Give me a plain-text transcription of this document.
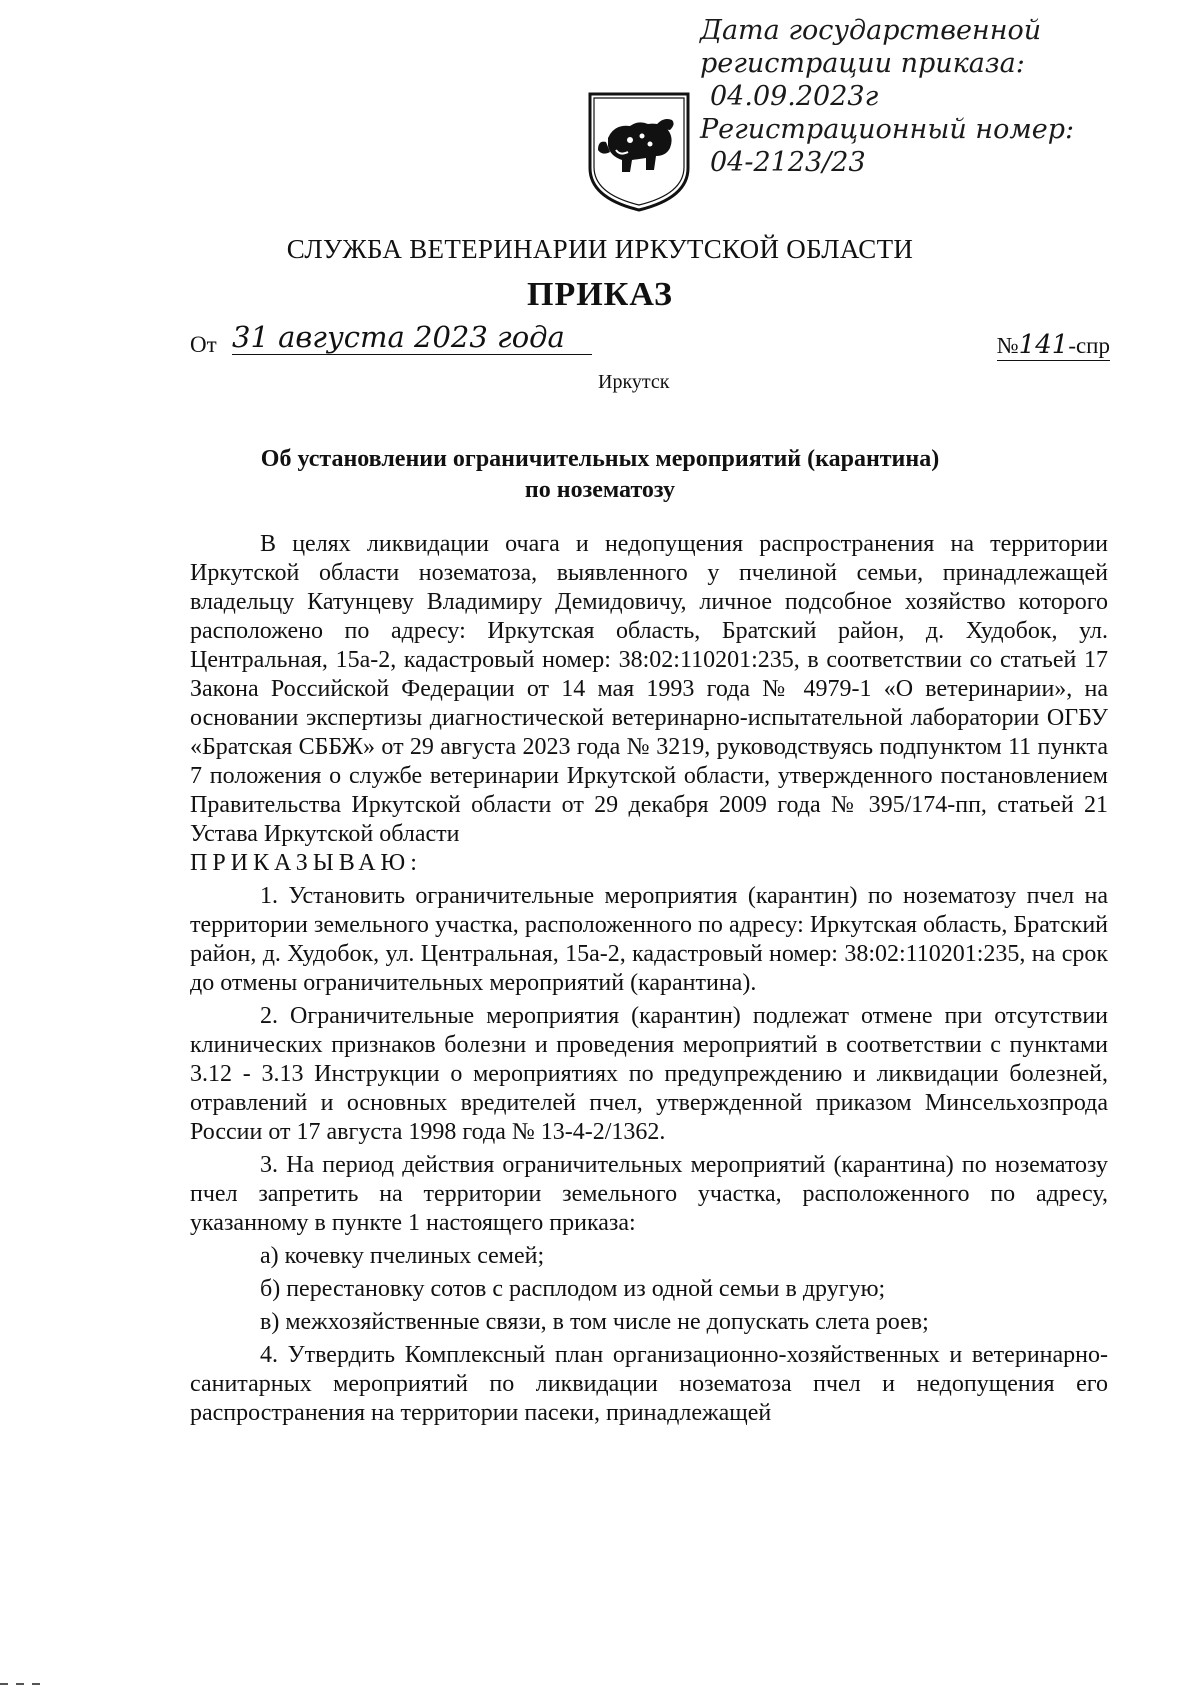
Дата государственной
регистрации приказа:
04.09.2023г
Регистрационный номер:
04-2123/23
СЛУЖБА ВЕТЕРИНАРИИ ИРКУТСКОЙ ОБЛАСТИ
ПРИКАЗ
От 31 августа 2023 года	№141-спр
Иркутск
Об установлении ограничительных мероприятий (карантина)
по нозематозу

В целях ликвидации очага и недопущения распространения на территории Иркутской области нозематоза, выявленного у пчелиной семьи, принадлежащей владельцу Катунцеву Владимиру Демидовичу, личное подсобное хозяйство которого расположено по адресу: Иркутская область, Братский район, д. Худобок, ул. Центральная, 15а-2, кадастровый номер: 38:02:110201:235, в соответствии со статьей 17 Закона Российской Федерации от 14 мая 1993 года № 4979-1 «О ветеринарии», на основании экспертизы диагностической ветеринарно-испытательной лаборатории ОГБУ «Братская СББЖ» от 29 августа 2023 года № 3219, руководствуясь подпунктом 11 пункта 7 положения о службе ветеринарии Иркутской области, утвержденного постановлением Правительства Иркутской области от 29 декабря 2009 года № 395/174-пп, статьей 21 Устава Иркутской области

ПРИКАЗЫВАЮ:

1. Установить ограничительные мероприятия (карантин) по нозематозу пчел на территории земельного участка, расположенного по адресу: Иркутская область, Братский район, д. Худобок, ул. Центральная, 15а-2, кадастровый номер: 38:02:110201:235, на срок до отмены ограничительных мероприятий (карантина).

2. Ограничительные мероприятия (карантин) подлежат отмене при отсутствии клинических признаков болезни и проведения мероприятий в соответствии с пунктами 3.12 - 3.13 Инструкции о мероприятиях по предупреждению и ликвидации болезней, отравлений и основных вредителей пчел, утвержденной приказом Минсельхозпрода России от 17 августа 1998 года № 13-4-2/1362.

3. На период действия ограничительных мероприятий (карантина) по нозематозу пчел запретить на территории земельного участка, расположенного по адресу, указанному в пункте 1 настоящего приказа:

а) кочевку пчелиных семей;

б) перестановку сотов с расплодом из одной семьи в другую;

в) межхозяйственные связи, в том числе не допускать слета роев;

4. Утвердить Комплексный план организационно-хозяйственных и ветеринарно-санитарных мероприятий по ликвидации нозематоза пчел и недопущения его распространения на территории пасеки, принадлежащей
